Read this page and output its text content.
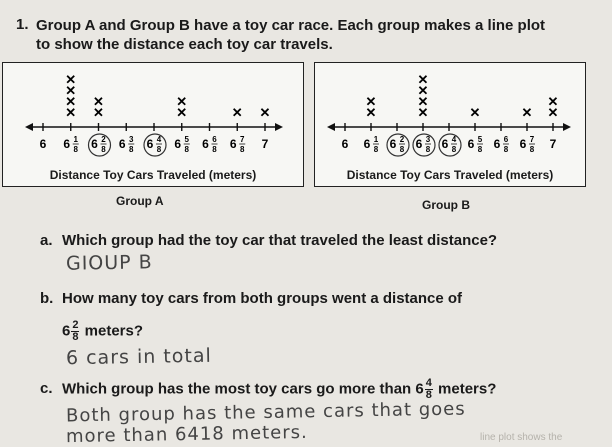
1. Group A and Group B have a toy car race. Each group makes a line plot to show the distance each toy car travels.
6 6 1
8
✕
✕
✕
✕
6 2
8
✕
✕
6 3
8 6 4
8 6 5
8
✕
✕
6 6
8 6 7
8
✕
7
✕
Distance Toy Cars Traveled (meters)
Group A
6 6 1
8
✕
✕
6 2
8 6 3
8
✕
✕
✕
✕
6 4
8 6 5
8
✕
6 6
8 6 7
8
✕
7
✕
✕
Distance Toy Cars Traveled (meters)
Group B
a. Which group had the toy car that traveled the least distance?
GIOUP B
b. How many toy cars from both groups went a distance of
$6 \frac{2}{8}$ meters?
6 cars in total
c. Which group has the most toy cars go more than $6 \frac{4}{8}$ meters?
Both group has the same cars that goes
more than 6418 meters.	line plot shows the
